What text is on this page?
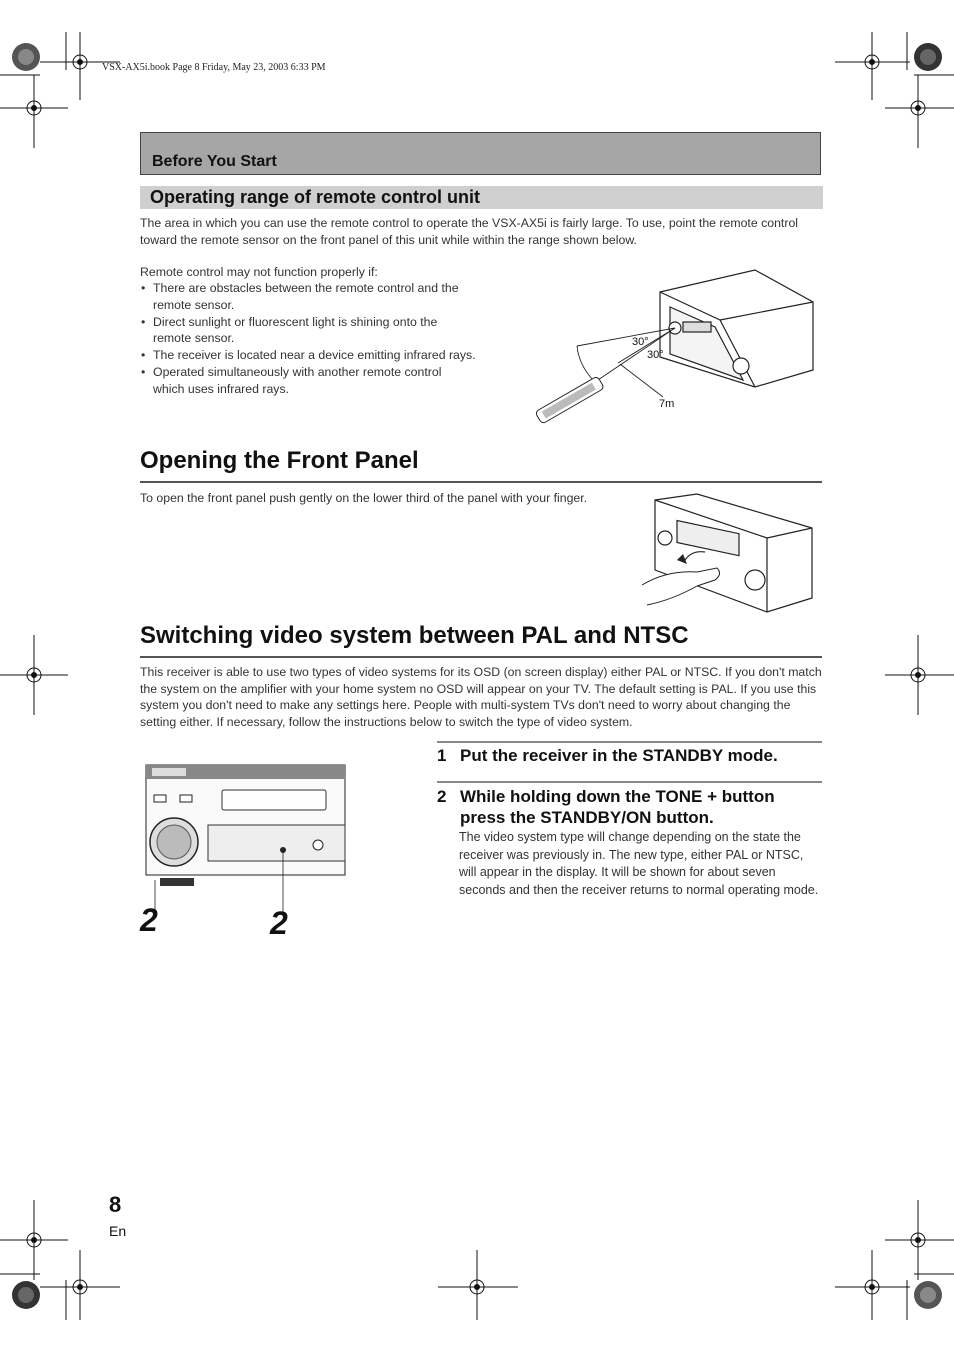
VSX-AX5i.book Page 8 Friday, May 23, 2003 6:33 PM
Before You Start
Operating range of remote control unit
The area in which you can use the remote control to operate the VSX-AX5i is fairly large. To use, point the remote control toward the remote sensor on the front panel of this unit while within the range shown below.
Remote control may not function properly if:
• There are obstacles between the remote control and the remote sensor.
• Direct sunlight or fluorescent light is shining onto the remote sensor.
• The receiver is located near a device emitting infrared rays.
• Operated simultaneously with another remote control which uses infrared rays.
30°
30°
7m
Opening the Front Panel
To open the front panel push gently on the lower third of the panel with your finger.
Switching video system between PAL and NTSC
This receiver is able to use two types of video systems for its OSD (on screen display) either PAL or NTSC. If you don't match the system on the amplifier with your home system no OSD will appear on your TV. The default setting is PAL. If you use this system you don't need to make any settings here. People with multi-system TVs don't need to worry about changing the setting either. If necessary, follow the instructions below to switch the type of video system.
2	2
1 Put the receiver in the STANDBY mode.
2 While holding down the TONE + button press the STANDBY/ON button.
The video system type will change depending on the state the receiver was previously in. The new type, either PAL or NTSC, will appear in the display. It will be shown for about seven seconds and then the receiver returns to normal operating mode.
8
En
